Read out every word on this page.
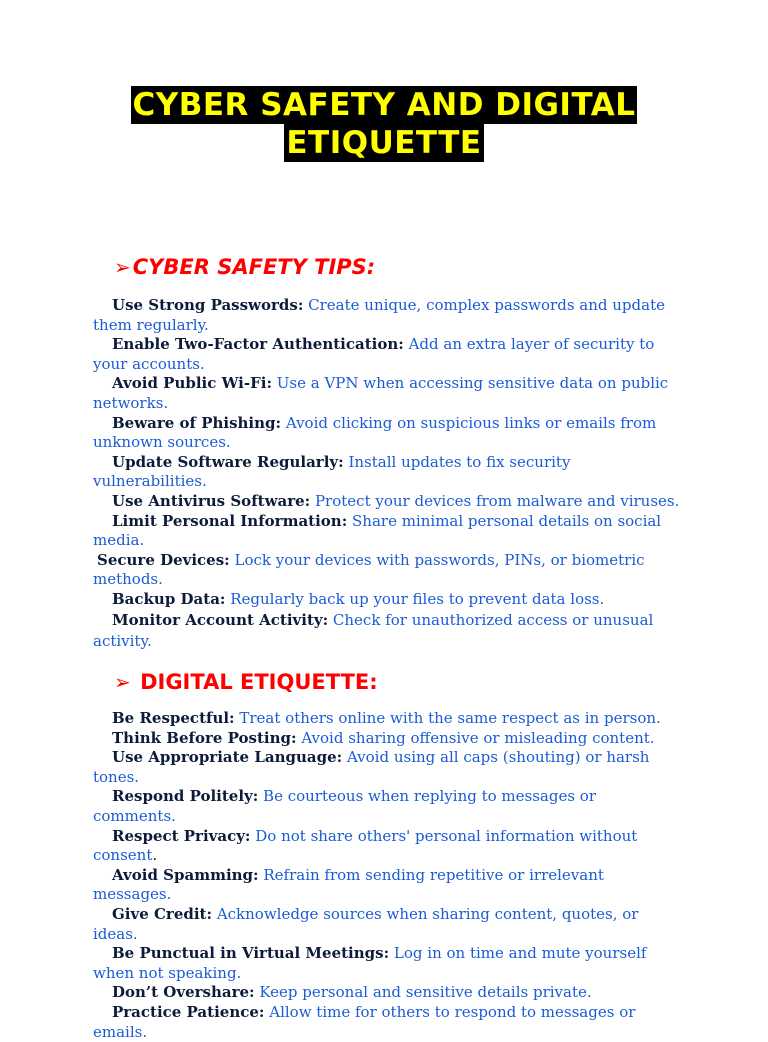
CYBER SAFETY AND DIGITAL
ETIQUETTE
➢CYBER SAFETY TIPS:
Use Strong Passwords: Create unique, complex passwords and update them regularly.
Enable Two-Factor Authentication: Add an extra layer of security to your accounts.
Avoid Public Wi-Fi: Use a VPN when accessing sensitive data on public networks.
Beware of Phishing: Avoid clicking on suspicious links or emails from unknown sources.
Update Software Regularly: Install updates to fix security vulnerabilities.
Use Antivirus Software: Protect your devices from malware and viruses.
Limit Personal Information: Share minimal personal details on social media.
Secure Devices: Lock your devices with passwords, PINs, or biometric methods.
Backup Data: Regularly back up your files to prevent data loss.
Monitor Account Activity: Check for unauthorized access or unusual activity.
➢ DIGITAL ETIQUETTE:
Be Respectful: Treat others online with the same respect as in person.
Think Before Posting: Avoid sharing offensive or misleading content.
Use Appropriate Language: Avoid using all caps (shouting) or harsh tones.
Respond Politely: Be courteous when replying to messages or comments.
Respect Privacy: Do not share others' personal information without consent.
Avoid Spamming: Refrain from sending repetitive or irrelevant messages.
Give Credit: Acknowledge sources when sharing content, quotes, or ideas.
Be Punctual in Virtual Meetings: Log in on time and mute yourself when not speaking.
Don’t Overshare: Keep personal and sensitive details private.
Practice Patience: Allow time for others to respond to messages or emails.
